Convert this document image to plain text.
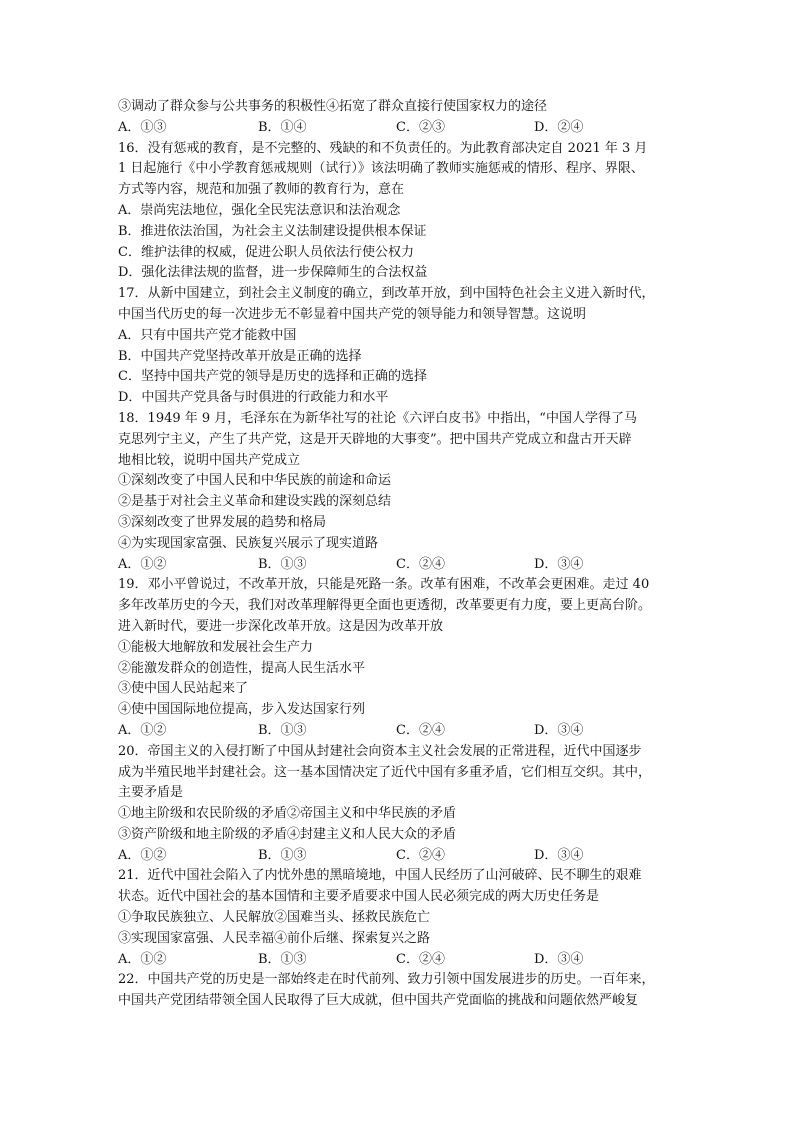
③调动了群众参与公共事务的积极性④拓宽了群众直接行使国家权力的途径
A．①③	B．①④	C．②③	D．②④
16．没有惩戒的教育，是不完整的、残缺的和不负责任的。为此教育部决定自 2021 年 3 月
1 日起施行《中小学教育惩戒规则（试行）》该法明确了教师实施惩戒的情形、程序、界限、
方式等内容，规范和加强了教师的教育行为，意在
A．崇尚宪法地位，强化全民宪法意识和法治观念
B．推进依法治国，为社会主义法制建设提供根本保证
C．维护法律的权威，促进公职人员依法行使公权力
D．强化法律法规的监督，进一步保障师生的合法权益
17．从新中国建立，到社会主义制度的确立，到改革开放，到中国特色社会主义进入新时代，
中国当代历史的每一次进步无不彰显着中国共产党的领导能力和领导智慧。这说明
A．只有中国共产党才能救中国
B．中国共产党坚持改革开放是正确的选择
C．坚持中国共产党的领导是历史的选择和正确的选择
D．中国共产党具备与时俱进的行政能力和水平
18．1949 年 9 月，毛泽东在为新华社写的社论《六评白皮书》中指出，“中国人学得了马
克思列宁主义，产生了共产党，这是开天辟地的大事变”。把中国共产党成立和盘古开天辟
地相比较，说明中国共产党成立
①深刻改变了中国人民和中华民族的前途和命运
②是基于对社会主义革命和建设实践的深刻总结
③深刻改变了世界发展的趋势和格局
④为实现国家富强、民族复兴展示了现实道路
A．①②	B．①③	C．②④	D．③④
19．邓小平曾说过，不改革开放，只能是死路一条。改革有困难，不改革会更困难。走过 40
多年改革历史的今天，我们对改革理解得更全面也更透彻，改革要更有力度，要上更高台阶。
进入新时代，要进一步深化改革开放。这是因为改革开放
①能极大地解放和发展社会生产力
②能激发群众的创造性，提高人民生活水平
③使中国人民站起来了
④使中国国际地位提高，步入发达国家行列
A．①②	B．①③	C．②④	D．③④
20．帝国主义的入侵打断了中国从封建社会向资本主义社会发展的正常进程，近代中国逐步
成为半殖民地半封建社会。这一基本国情决定了近代中国有多重矛盾，它们相互交织。其中，
主要矛盾是
①地主阶级和农民阶级的矛盾②帝国主义和中华民族的矛盾
③资产阶级和地主阶级的矛盾④封建主义和人民大众的矛盾
A．①②	B．①③	C．②④	D．③④
21．近代中国社会陷入了内忧外患的黑暗境地，中国人民经历了山河破碎、民不聊生的艰难
状态。近代中国社会的基本国情和主要矛盾要求中国人民必须完成的两大历史任务是
①争取民族独立、人民解放②国难当头、拯救民族危亡
③实现国家富强、人民幸福④前仆后继、探索复兴之路
A．①②	B．①③	C．②④	D．③④
22．中国共产党的历史是一部始终走在时代前列、致力引领中国发展进步的历史。一百年来，
中国共产党团结带领全国人民取得了巨大成就，但中国共产党面临的挑战和问题依然严峻复
